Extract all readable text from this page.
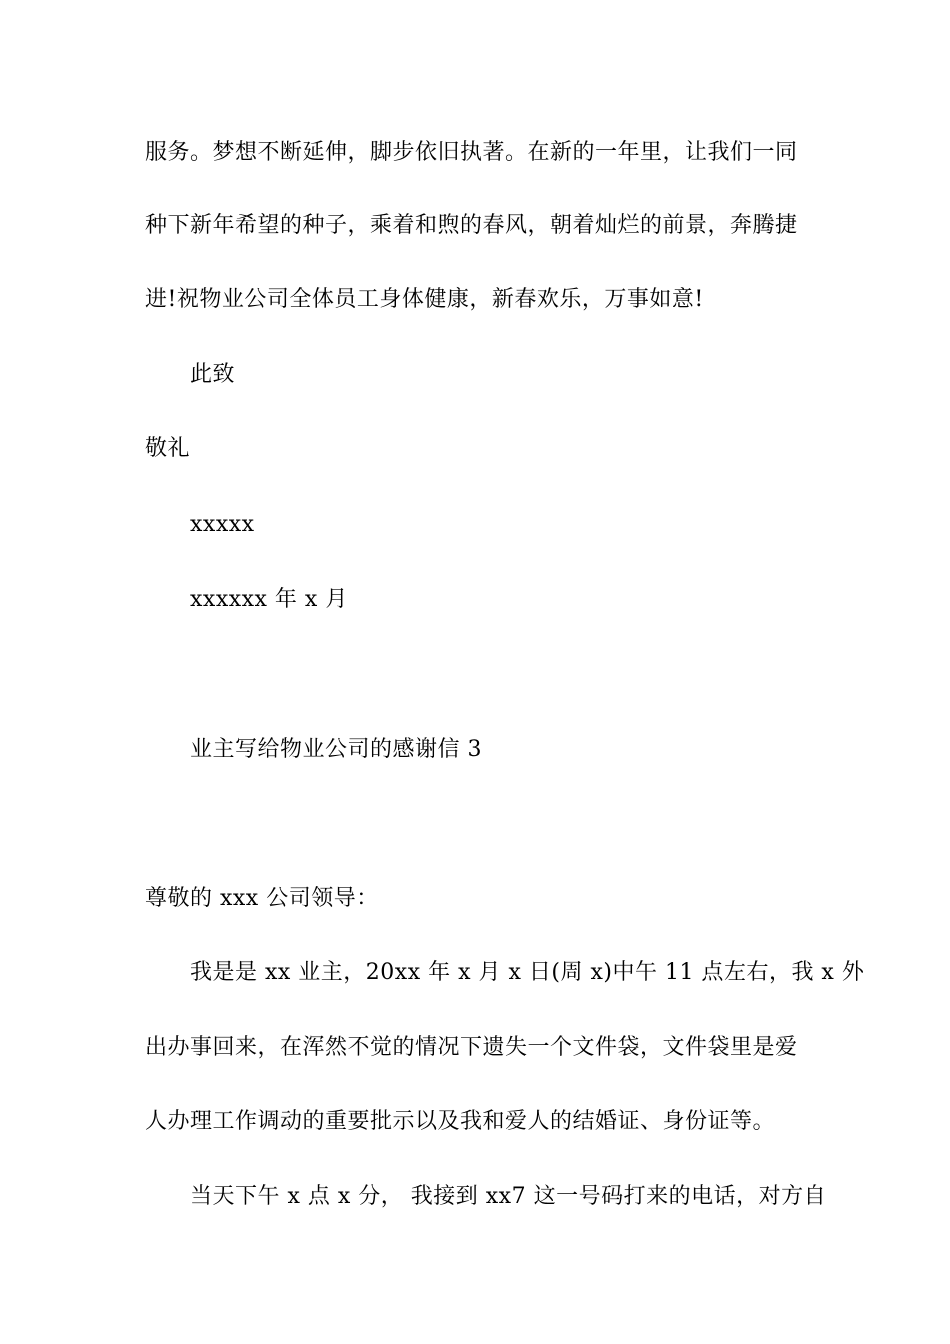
服务。梦想不断延伸，脚步依旧执著。在新的一年里，让我们一同
种下新年希望的种子，乘着和煦的春风，朝着灿烂的前景，奔腾捷
进!祝物业公司全体员工身体健康，新春欢乐，万事如意!
此致
敬礼
xxxxx
xxxxxx 年 x 月
业主写给物业公司的感谢信 3
尊敬的 xxx 公司领导：
我是是 xx 业主，20xx 年 x 月 x 日(周 x)中午 11 点左右，我 x 外
出办事回来，在浑然不觉的情况下遗失一个文件袋，文件袋里是爱
人办理工作调动的重要批示以及我和爱人的结婚证、身份证等。
当天下午 x 点 x 分， 我接到 xx7 这一号码打来的电话，对方自
